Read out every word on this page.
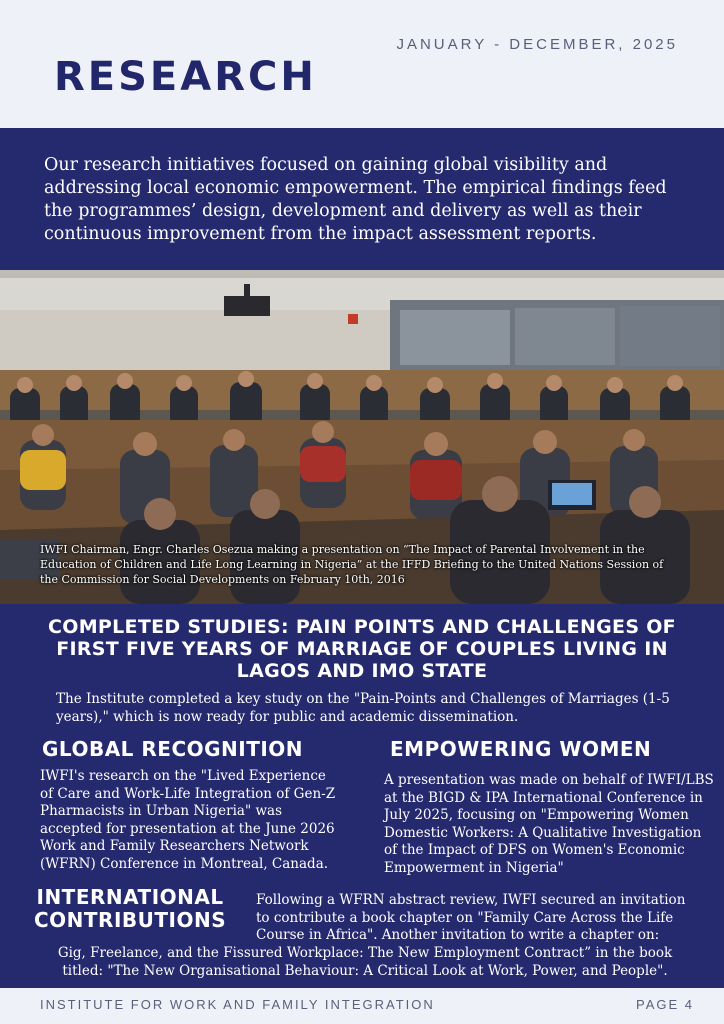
JANUARY - DECEMBER, 2025
RESEARCH
Our research initiatives focused on gaining global visibility and addressing local economic empowerment. The empirical findings feed the programmes’ design, development and delivery as well as their continuous improvement from the impact assessment reports.
IWFI Chairman, Engr. Charles Osezua making a presentation on “The Impact of Parental Involvement in the Education of Children and Life Long Learning in Nigeria” at the IFFD Briefing to the United Nations Session of the Commission for Social Developments on February 10th, 2016
COMPLETED STUDIES: PAIN POINTS AND CHALLENGES OF FIRST FIVE YEARS OF MARRIAGE OF COUPLES LIVING IN LAGOS AND IMO STATE
The Institute completed a key study on the "Pain-Points and Challenges of Marriages (1-5 years)," which is now ready for public and academic dissemination.
GLOBAL RECOGNITION
IWFI's research on the "Lived Experience of Care and Work-Life Integration of Gen-Z Pharmacists in Urban Nigeria" was accepted for presentation at the June 2026 Work and Family Researchers Network (WFRN) Conference in Montreal, Canada.
EMPOWERING WOMEN
A presentation was made on behalf of IWFI/LBS at the BIGD & IPA International Conference in July 2025, focusing on "Empowering Women Domestic Workers: A Qualitative Investigation of the Impact of DFS on Women's Economic Empowerment in Nigeria"
INTERNATIONAL
CONTRIBUTIONS
Following a WFRN abstract review, IWFI secured an invitation to contribute a book chapter on "Family Care Across the Life Course in Africa". Another invitation to write a chapter on:
Gig, Freelance, and the Fissured Workplace: The New Employment Contract” in the book titled: "The New Organisational Behaviour: A Critical Look at Work, Power, and People".
INSTITUTE FOR WORK AND FAMILY INTEGRATION	PAGE 4
